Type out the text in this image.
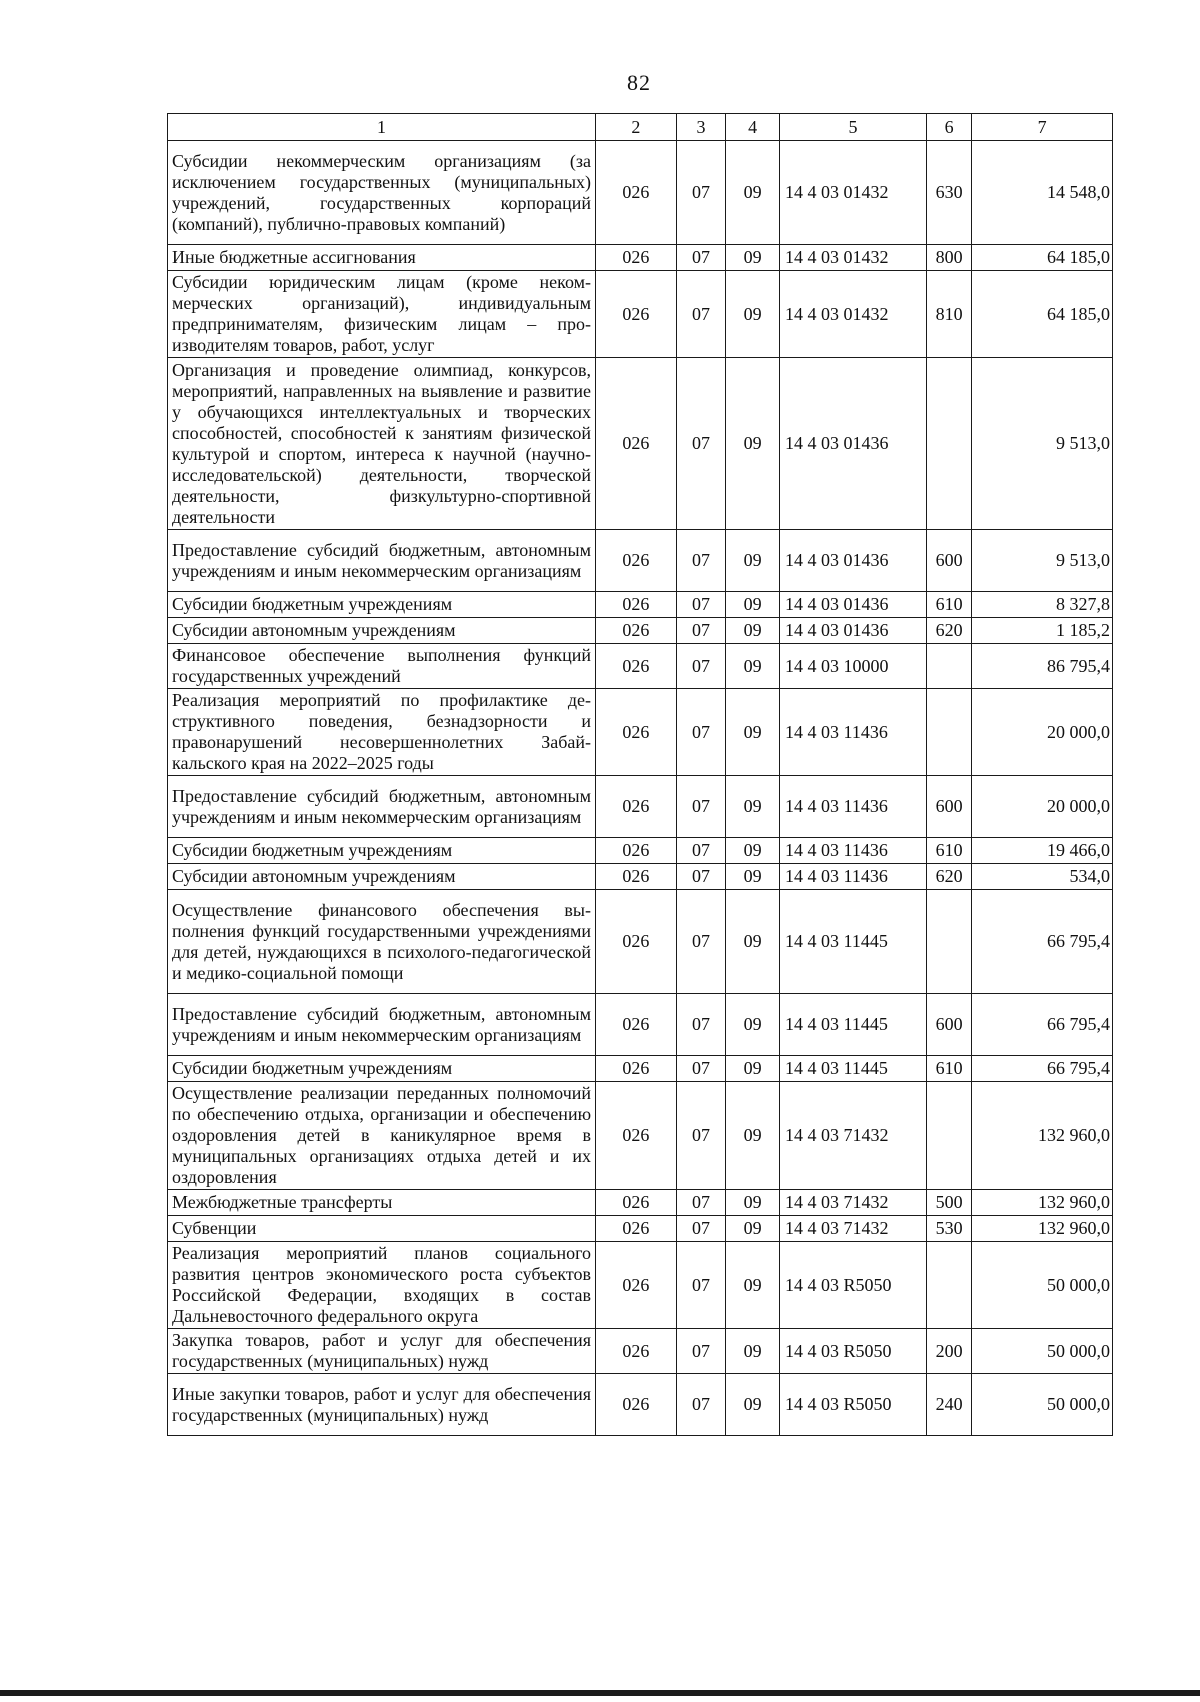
82
1	2	3	4	5	6	7
Субсидии некоммерческим организациям (за исключением государственных (муниципальных) учреждений, государственных корпораций (компаний), публично-правовых компаний)	026	07	09	14 4 03 01432	630	14 548,0
Иные бюджетные ассигнования	026	07	09	14 4 03 01432	800	64 185,0
Субсидии юридическим лицам (кроме некоммерческих организаций), индивидуальным предпринимателям, физическим лицам – производителям товаров, работ, услуг	026	07	09	14 4 03 01432	810	64 185,0
Организация и проведение олимпиад, конкурсов, мероприятий, направленных на выявление и развитие у обучающихся интеллектуальных и творческих способностей, способностей к занятиям физической культурой и спортом, интереса к научной (научно-исследовательской) деятельности, творческой деятельности, физкультурно-спортивной деятельности	026	07	09	14 4 03 01436		9 513,0
Предоставление субсидий бюджетным, автономным учреждениям и иным некоммерческим организациям	026	07	09	14 4 03 01436	600	9 513,0
Субсидии бюджетным учреждениям	026	07	09	14 4 03 01436	610	8 327,8
Субсидии автономным учреждениям	026	07	09	14 4 03 01436	620	1 185,2
Финансовое обеспечение выполнения функций государственных учреждений	026	07	09	14 4 03 10000		86 795,4
Реализация мероприятий по профилактике деструктивного поведения, безнадзорности и правонарушений несовершеннолетних Забайкальского края на 2022–2025 годы	026	07	09	14 4 03 11436		20 000,0
Предоставление субсидий бюджетным, автономным учреждениям и иным некоммерческим организациям	026	07	09	14 4 03 11436	600	20 000,0
Субсидии бюджетным учреждениям	026	07	09	14 4 03 11436	610	19 466,0
Субсидии автономным учреждениям	026	07	09	14 4 03 11436	620	534,0
Осуществление финансового обеспечения выполнения функций государственными учреждениями для детей, нуждающихся в психолого-педагогической и медико-социальной помощи	026	07	09	14 4 03 11445		66 795,4
Предоставление субсидий бюджетным, автономным учреждениям и иным некоммерческим организациям	026	07	09	14 4 03 11445	600	66 795,4
Субсидии бюджетным учреждениям	026	07	09	14 4 03 11445	610	66 795,4
Осуществление реализации переданных полномочий по обеспечению отдыха, организации и обеспечению оздоровления детей в каникулярное время в муниципальных организациях отдыха детей и их оздоровления	026	07	09	14 4 03 71432		132 960,0
Межбюджетные трансферты	026	07	09	14 4 03 71432	500	132 960,0
Субвенции	026	07	09	14 4 03 71432	530	132 960,0
Реализация мероприятий планов социального развития центров экономического роста субъектов Российской Федерации, входящих в состав Дальневосточного федерального округа	026	07	09	14 4 03 R5050		50 000,0
Закупка товаров, работ и услуг для обеспечения государственных (муниципальных) нужд	026	07	09	14 4 03 R5050	200	50 000,0
Иные закупки товаров, работ и услуг для обеспечения государственных (муниципальных) нужд	026	07	09	14 4 03 R5050	240	50 000,0
